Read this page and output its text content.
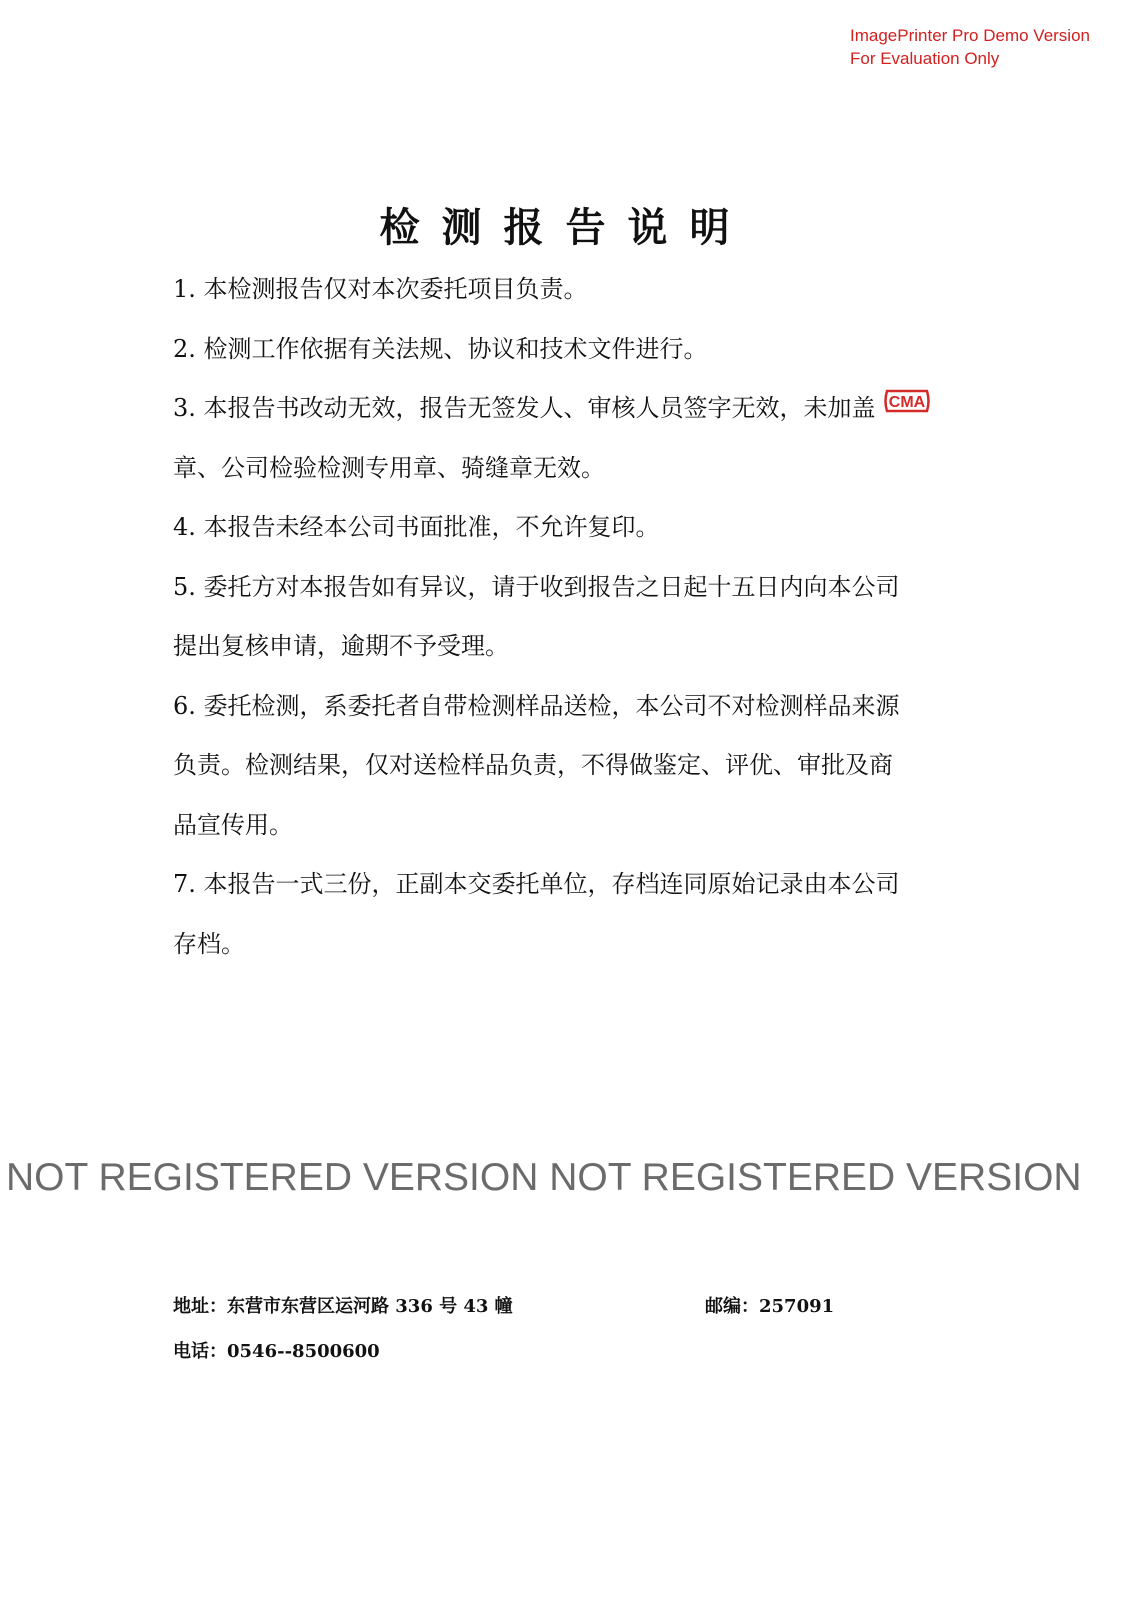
ImagePrinter Pro Demo Version
For Evaluation Only
检测报告说明

1. 本检测报告仅对本次委托项目负责。

2. 检测工作依据有关法规、协议和技术文件进行。

3. 本报告书改动无效，报告无签发人、审核人员签字无效，未加盖 CMA

章、公司检验检测专用章、骑缝章无效。

4. 本报告未经本公司书面批准，不允许复印。

5. 委托方对本报告如有异议，请于收到报告之日起十五日内向本公司

提出复核申请，逾期不予受理。

6. 委托检测，系委托者自带检测样品送检，本公司不对检测样品来源

负责。检测结果，仅对送检样品负责，不得做鉴定、评优、审批及商

品宣传用。

7. 本报告一式三份，正副本交委托单位，存档连同原始记录由本公司

存档。

NOT REGISTERED VERSION NOT REGISTERED VERSION
地址：东营市东营区运河路 336 号 43 幢	邮编：257091
电话：0546--8500600
